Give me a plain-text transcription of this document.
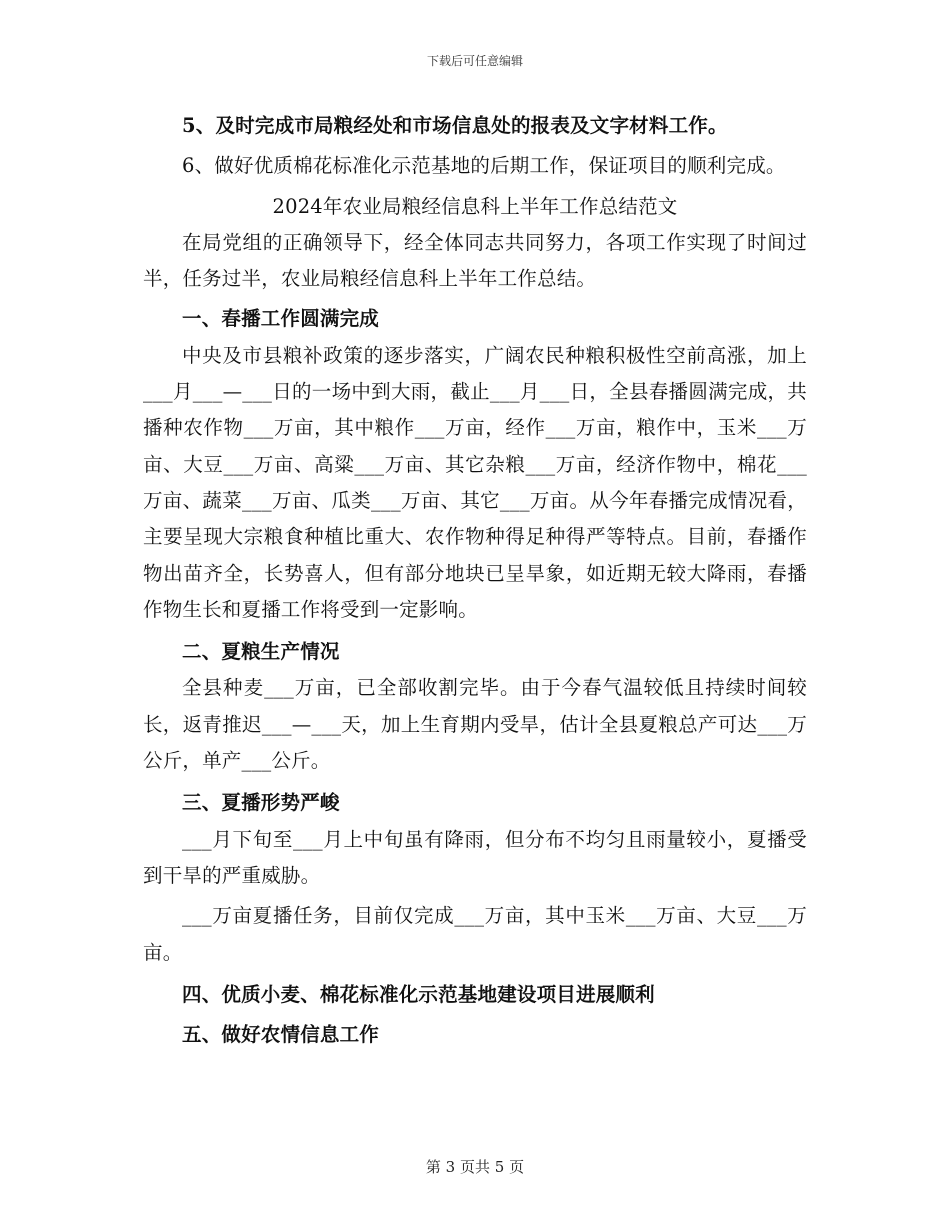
下载后可任意编辑

5、及时完成市局粮经处和市场信息处的报表及文字材料工作。

6、做好优质棉花标准化示范基地的后期工作，保证项目的顺利完成。

2024年农业局粮经信息科上半年工作总结范文

在局党组的正确领导下，经全体同志共同努力，各项工作实现了时间过半，任务过半，农业局粮经信息科上半年工作总结。

一、春播工作圆满完成

中央及市县粮补政策的逐步落实，广阔农民种粮积极性空前高涨，加上___月___—___日的一场中到大雨，截止___月___日，全县春播圆满完成，共播种农作物___万亩，其中粮作___万亩，经作___万亩，粮作中，玉米___万亩、大豆___万亩、高粱___万亩、其它杂粮___万亩，经济作物中，棉花___万亩、蔬菜___万亩、瓜类___万亩、其它___万亩。从今年春播完成情况看，主要呈现大宗粮食种植比重大、农作物种得足种得严等特点。目前，春播作物出苗齐全，长势喜人，但有部分地块已呈旱象，如近期无较大降雨，春播作物生长和夏播工作将受到一定影响。

二、夏粮生产情况

全县种麦___万亩，已全部收割完毕。由于今春气温较低且持续时间较长，返青推迟___—___天，加上生育期内受旱，估计全县夏粮总产可达___万公斤，单产___公斤。

三、夏播形势严峻

___月下旬至___月上中旬虽有降雨，但分布不均匀且雨量较小，夏播受到干旱的严重威胁。

___万亩夏播任务，目前仅完成___万亩，其中玉米___万亩、大豆___万亩。

四、优质小麦、棉花标准化示范基地建设项目进展顺利

五、做好农情信息工作

第 3 页共 5 页
